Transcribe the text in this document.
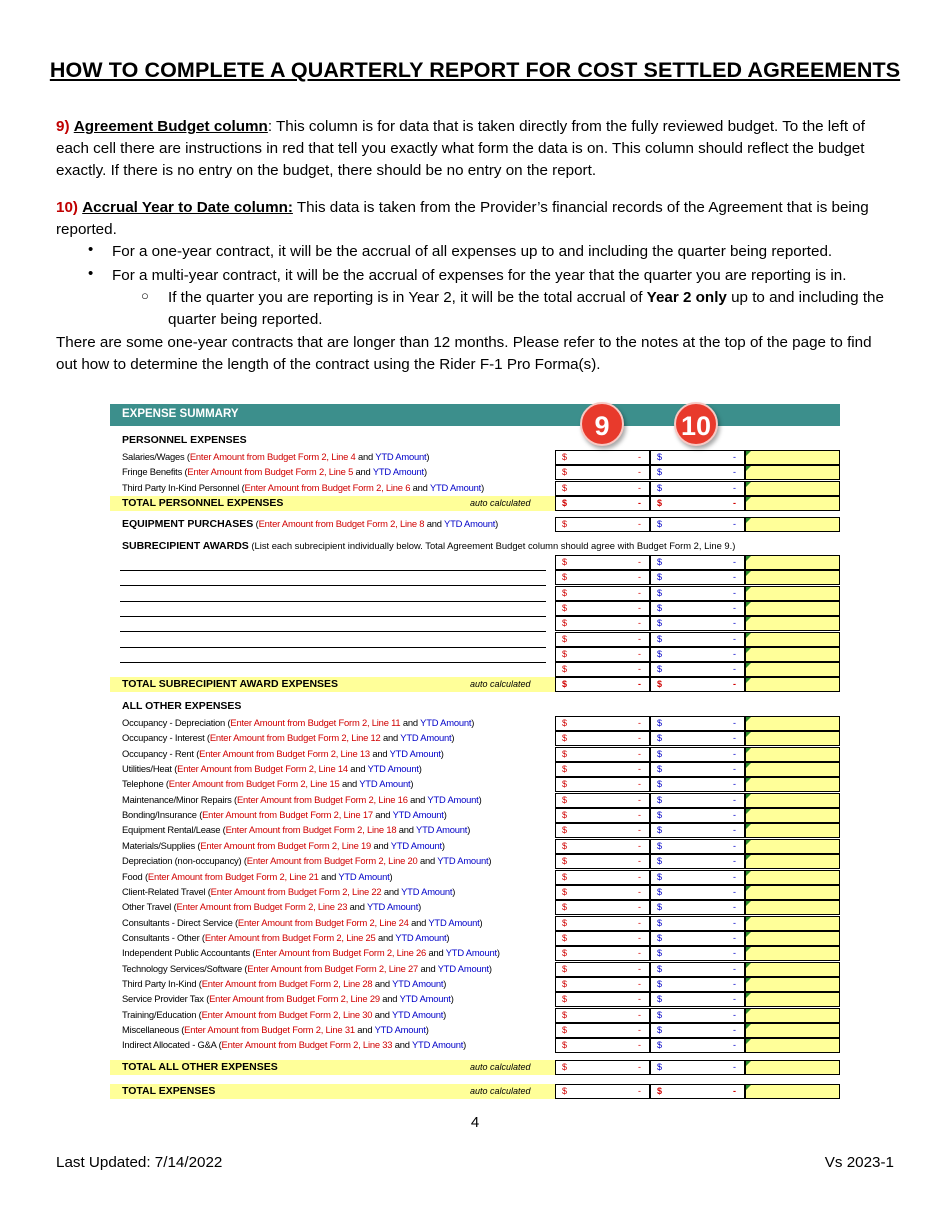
HOW TO COMPLETE A QUARTERLY REPORT FOR COST SETTLED AGREEMENTS
9) Agreement Budget column: This column is for data that is taken directly from the fully reviewed budget. To the left of each cell there are instructions in red that tell you exactly what form the data is on. This column should reflect the budget exactly. If there is no entry on the budget, there should be no entry on the report.
10) Accrual Year to Date column: This data is taken from the Provider’s financial records of the Agreement that is being reported.
• For a one-year contract, it will be the accrual of all expenses up to and including the quarter being reported.
• For a multi-year contract, it will be the accrual of expenses for the year that the quarter you are reporting is in.
○ If the quarter you are reporting is in Year 2, it will be the total accrual of Year 2 only up to and including the quarter being reported.
There are some one-year contracts that are longer than 12 months. Please refer to the notes at the top of the page to find out how to determine the length of the contract using the Rider F-1 Pro Forma(s).
EXPENSE SUMMARY	9	10
PERSONNEL EXPENSES
Salaries/Wages (Enter Amount from Budget Form 2, Line 4 and YTD Amount)	$	- $	-
Fringe Benefits (Enter Amount from Budget Form 2, Line 5 and YTD Amount)	$	- $	-
Third Party In-Kind Personnel (Enter Amount from Budget Form 2, Line 6 and YTD Amount)	$	- $	-
TOTAL PERSONNEL EXPENSES	auto calculated	$	- $	-
EQUIPMENT PURCHASES (Enter Amount from Budget Form 2, Line 8 and YTD Amount)	$	- $	-
SUBRECIPIENT AWARDS (List each subrecipient individually below. Total Agreement Budget column should agree with Budget Form 2, Line 9.)
$	- $	-
$	- $	-
$	- $	-
$	- $	-
$	- $	-
$	- $	-
$	- $	-
$	- $	-
TOTAL SUBRECIPIENT AWARD EXPENSES	auto calculated	$	- $	-
ALL OTHER EXPENSES
Occupancy - Depreciation (Enter Amount from Budget Form 2, Line 11 and YTD Amount)	$	- $	-
Occupancy - Interest (Enter Amount from Budget Form 2, Line 12 and YTD Amount)	$	- $	-
Occupancy - Rent (Enter Amount from Budget Form 2, Line 13 and YTD Amount)	$	- $	-
Utilities/Heat (Enter Amount from Budget Form 2, Line 14 and YTD Amount)	$	- $	-
Telephone (Enter Amount from Budget Form 2, Line 15 and YTD Amount)	$	- $	-
Maintenance/Minor Repairs (Enter Amount from Budget Form 2, Line 16 and YTD Amount)	$	- $	-
Bonding/Insurance (Enter Amount from Budget Form 2, Line 17 and YTD Amount)	$	- $	-
Equipment Rental/Lease (Enter Amount from Budget Form 2, Line 18 and YTD Amount)	$	- $	-
Materials/Supplies (Enter Amount from Budget Form 2, Line 19 and YTD Amount)	$	- $	-
Depreciation (non-occupancy) (Enter Amount from Budget Form 2, Line 20 and YTD Amount)	$	- $	-
Food (Enter Amount from Budget Form 2, Line 21 and YTD Amount)	$	- $	-
Client-Related Travel (Enter Amount from Budget Form 2, Line 22 and YTD Amount)	$	- $	-
Other Travel (Enter Amount from Budget Form 2, Line 23 and YTD Amount)	$	- $	-
Consultants - Direct Service (Enter Amount from Budget Form 2, Line 24 and YTD Amount)	$	- $	-
Consultants - Other (Enter Amount from Budget Form 2, Line 25 and YTD Amount)	$	- $	-
Independent Public Accountants (Enter Amount from Budget Form 2, Line 26 and YTD Amount)	$	- $	-
Technology Services/Software (Enter Amount from Budget Form 2, Line 27 and YTD Amount)	$	- $	-
Third Party In-Kind (Enter Amount from Budget Form 2, Line 28 and YTD Amount)	$	- $	-
Service Provider Tax (Enter Amount from Budget Form 2, Line 29 and YTD Amount)	$	- $	-
Training/Education (Enter Amount from Budget Form 2, Line 30 and YTD Amount)	$	- $	-
Miscellaneous (Enter Amount from Budget Form 2, Line 31 and YTD Amount)	$	- $	-
Indirect Allocated - G&A (Enter Amount from Budget Form 2, Line 33 and YTD Amount)	$	- $	-
TOTAL ALL OTHER EXPENSES	auto calculated	$	- $	-
TOTAL EXPENSES	auto calculated	$	- $	-
4
Last Updated: 7/14/2022	Vs 2023-1
